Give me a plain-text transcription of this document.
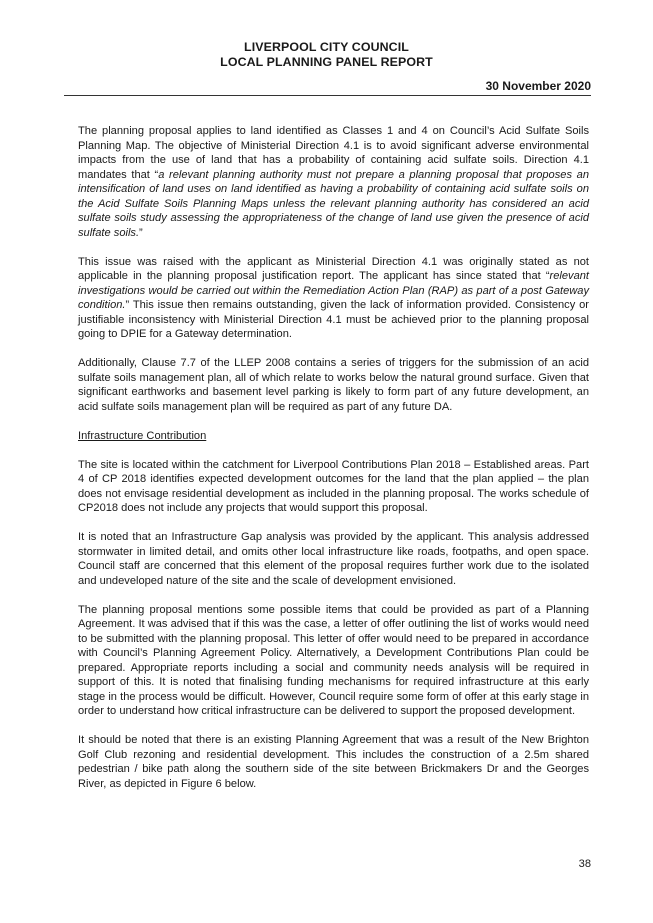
LIVERPOOL CITY COUNCIL
LOCAL PLANNING PANEL REPORT
30 November 2020

The planning proposal applies to land identified as Classes 1 and 4 on Council’s Acid Sulfate Soils Planning Map. The objective of Ministerial Direction 4.1 is to avoid significant adverse environmental impacts from the use of land that has a probability of containing acid sulfate soils. Direction 4.1 mandates that “a relevant planning authority must not prepare a planning proposal that proposes an intensification of land uses on land identified as having a probability of containing acid sulfate soils on the Acid Sulfate Soils Planning Maps unless the relevant planning authority has considered an acid sulfate soils study assessing the appropriateness of the change of land use given the presence of acid sulfate soils.”

This issue was raised with the applicant as Ministerial Direction 4.1 was originally stated as not applicable in the planning proposal justification report. The applicant has since stated that “relevant investigations would be carried out within the Remediation Action Plan (RAP) as part of a post Gateway condition.” This issue then remains outstanding, given the lack of information provided. Consistency or justifiable inconsistency with Ministerial Direction 4.1 must be achieved prior to the planning proposal going to DPIE for a Gateway determination.

Additionally, Clause 7.7 of the LLEP 2008 contains a series of triggers for the submission of an acid sulfate soils management plan, all of which relate to works below the natural ground surface. Given that significant earthworks and basement level parking is likely to form part of any future development, an acid sulfate soils management plan will be required as part of any future DA.

Infrastructure Contribution

The site is located within the catchment for Liverpool Contributions Plan 2018 – Established areas. Part 4 of CP 2018 identifies expected development outcomes for the land that the plan applied – the plan does not envisage residential development as included in the planning proposal. The works schedule of CP2018 does not include any projects that would support this proposal.

It is noted that an Infrastructure Gap analysis was provided by the applicant. This analysis addressed stormwater in limited detail, and omits other local infrastructure like roads, footpaths, and open space. Council staff are concerned that this element of the proposal requires further work due to the isolated and undeveloped nature of the site and the scale of development envisioned.

The planning proposal mentions some possible items that could be provided as part of a Planning Agreement. It was advised that if this was the case, a letter of offer outlining the list of works would need to be submitted with the planning proposal. This letter of offer would need to be prepared in accordance with Council’s Planning Agreement Policy. Alternatively, a Development Contributions Plan could be prepared. Appropriate reports including a social and community needs analysis will be required in support of this. It is noted that finalising funding mechanisms for required infrastructure at this early stage in the process would be difficult. However, Council require some form of offer at this early stage in order to understand how critical infrastructure can be delivered to support the proposed development.

It should be noted that there is an existing Planning Agreement that was a result of the New Brighton Golf Club rezoning and residential development. This includes the construction of a 2.5m shared pedestrian / bike path along the southern side of the site between Brickmakers Dr and the Georges River, as depicted in Figure 6 below.

38
